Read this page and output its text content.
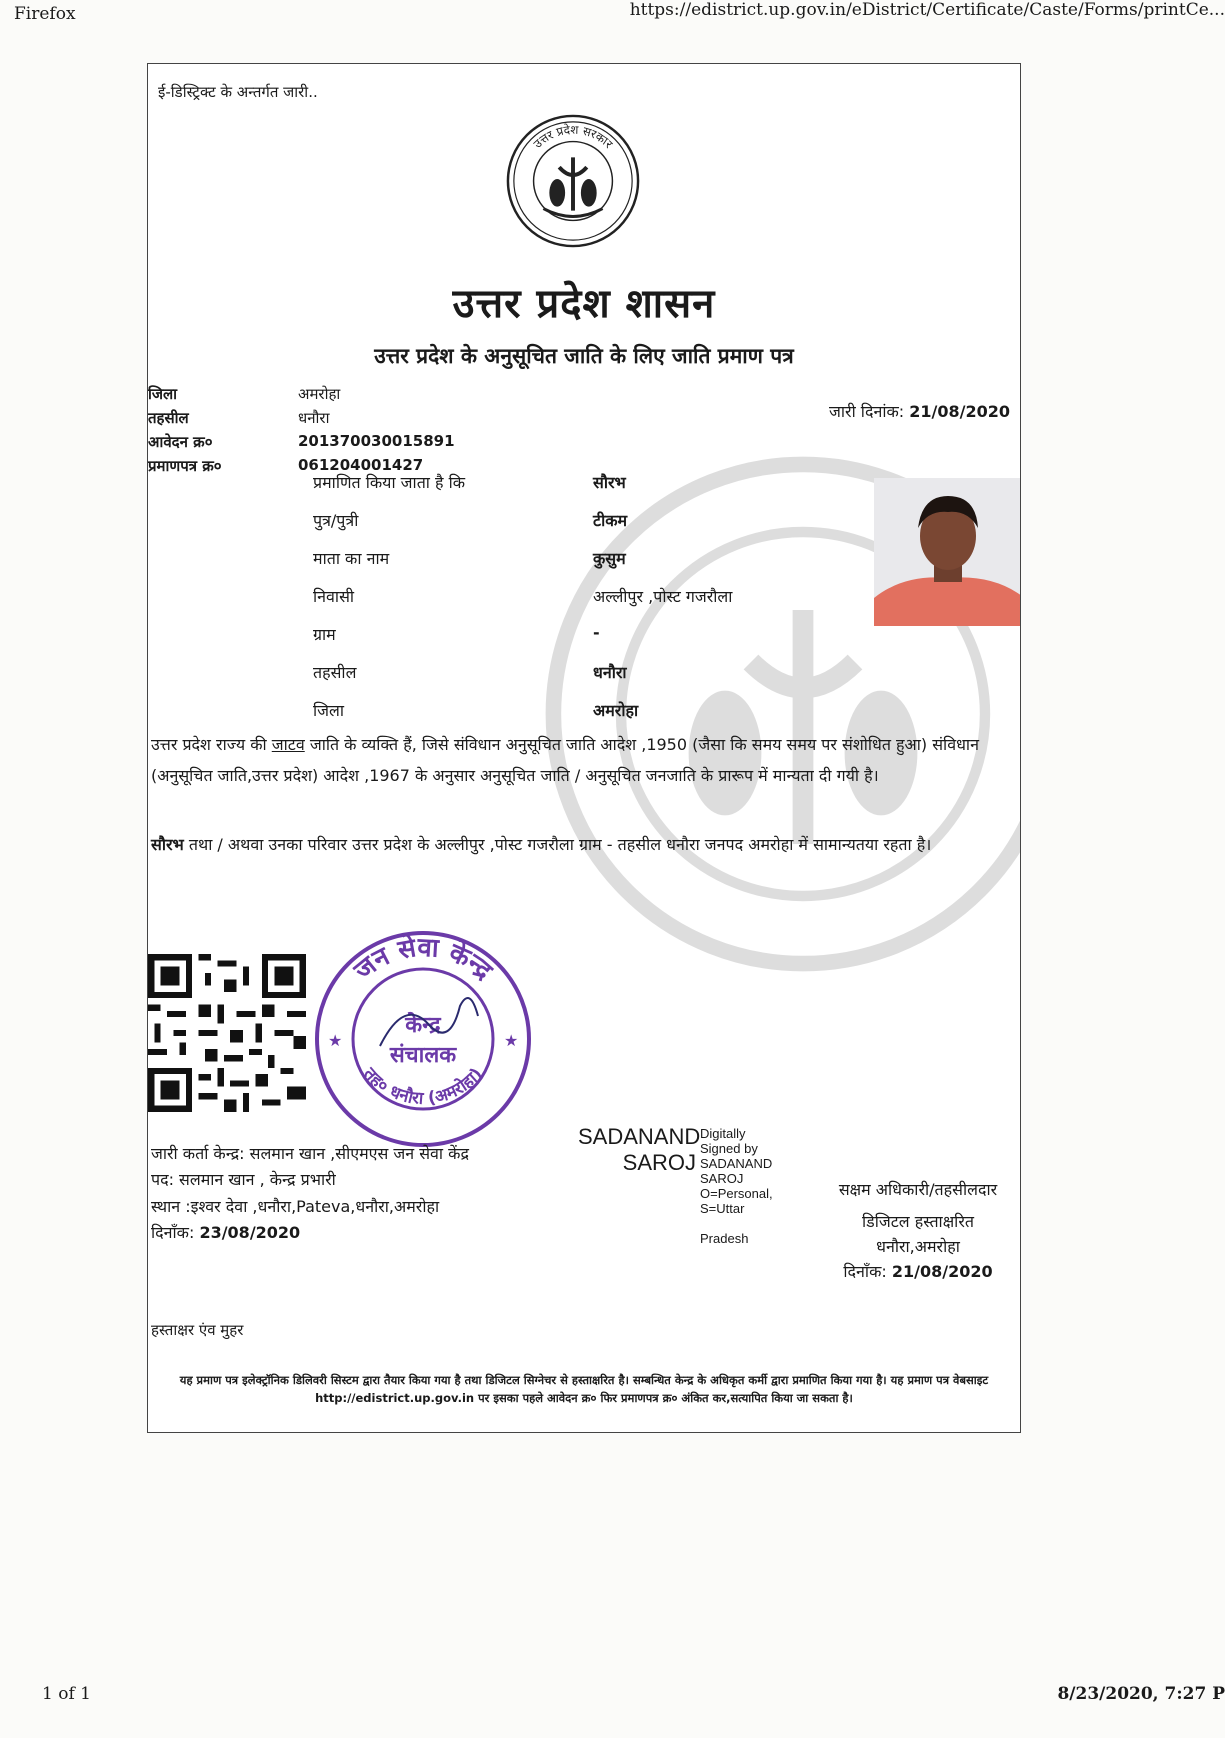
Firefox	https://edistrict.up.gov.in/eDistrict/Certificate/Caste/Forms/printCe...
ई-डिस्ट्रिक्ट के अन्तर्गत जारी..
उत्तर प्रदेश सरकार
उत्तर प्रदेश शासन
उत्तर प्रदेश के अनुसूचित जाति के लिए जाति प्रमाण पत्र
जिला	अमरोहा
तहसील	धनौरा
आवेदन क्र०	201370030015891
प्रमाणपत्र क्र०	061204001427
जारी दिनांक: 21/08/2020
प्रमाणित किया जाता है कि	सौरभ
पुत्र/पुत्री	टीकम
माता का नाम	कुसुम
निवासी	अल्लीपुर ,पोस्ट गजरौला
ग्राम	-
तहसील	धनौरा
जिला	अमरोहा
उत्तर प्रदेश राज्य की जाटव जाति के व्यक्ति हैं, जिसे संविधान अनुसूचित जाति आदेश ,1950 (जैसा कि समय समय पर संशोधित हुआ) संविधान (अनुसूचित जाति,उत्तर प्रदेश) आदेश ,1967 के अनुसार अनुसूचित जाति / अनुसूचित जनजाति के प्रारूप में मान्यता दी गयी है।
सौरभ तथा / अथवा उनका परिवार उत्तर प्रदेश के अल्लीपुर ,पोस्ट गजरौला ग्राम - तहसील धनौरा जनपद अमरोहा में सामान्यतया रहता है।
जन सेवा केन्द्र
तह० धनौरा (अमरोहा)
केन्द्र
संचालक
★	★
जारी कर्ता केन्द्र: सलमान खान ,सीएमएस जन सेवा केंद्र
पद: सलमान खान , केन्द्र प्रभारी
स्थान :इश्वर देवा ,धनौरा,Pateva,धनौरा,अमरोहा
दिनाँक: 23/08/2020
SADANAND
SAROJ
Digitally
Signed by
SADANAND
SAROJ
O=Personal,
S=Uttar
Pradesh
सक्षम अधिकारी/तहसीलदार
डिजिटल हस्ताक्षरित
धनौरा,अमरोहा
दिनाँक: 21/08/2020
हस्ताक्षर एंव मुहर
यह प्रमाण पत्र इलेक्ट्रॉनिक डिलिवरी सिस्टम द्वारा तैयार किया गया है तथा डिजिटल सिग्नेचर से हस्ताक्षरित है। सम्बन्धित केन्द्र के अधिकृत कर्मी द्वारा प्रमाणित किया गया है। यह प्रमाण पत्र वेबसाइट http://edistrict.up.gov.in पर इसका पहले आवेदन क्र० फिर प्रमाणपत्र क्र० अंकित कर,सत्यापित किया जा सकता है।
1 of 1	8/23/2020, 7:27 P
